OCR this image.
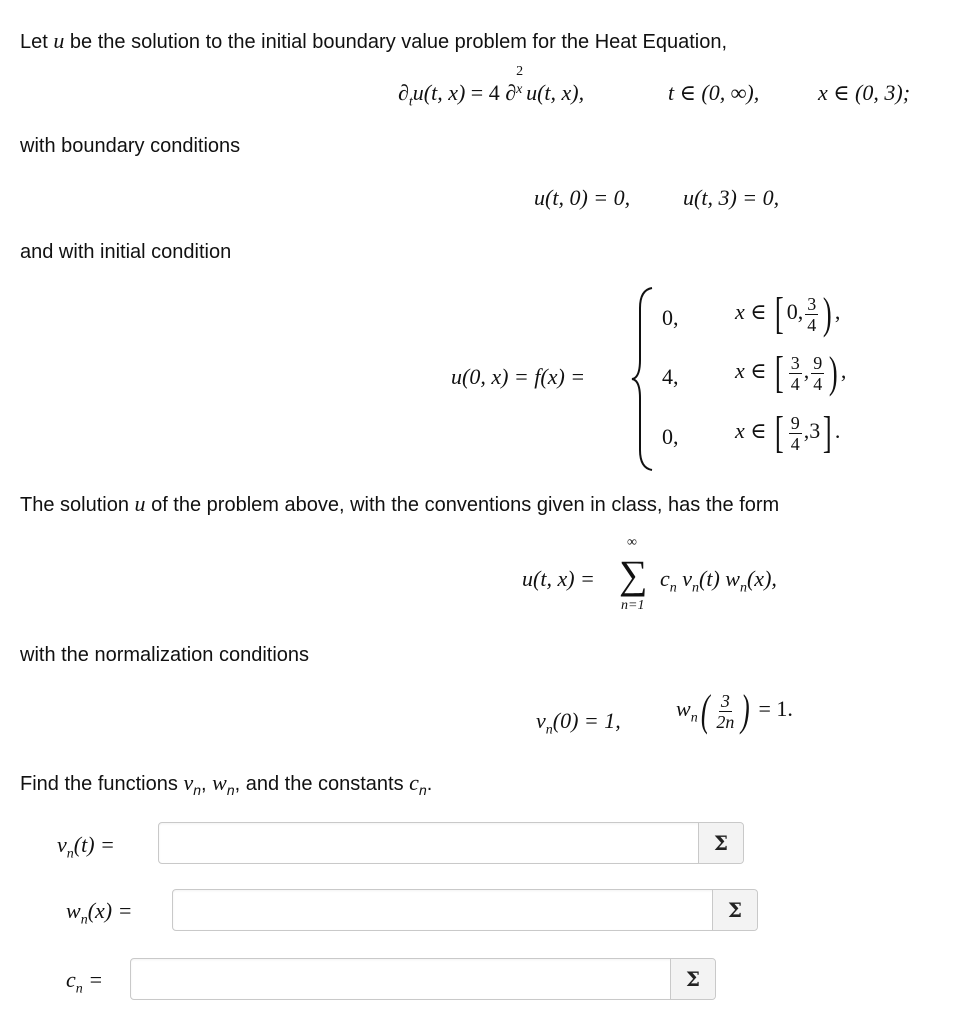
Let u be the solution to the initial boundary value problem for the Heat Equation,
$\partial_tu(t$, x) = 4 ∂
2
x u(t, x),	t ∈ (0, ∞),	x ∈ (0, 3);
with boundary conditions
u(t, 0) = 0, u(t, 3) = 0,
and with initial condition
u(0, x) = f(x) =
0,	x ∈ [ 0, $\frac{3}{4}$ ) ,
4,	x ∈ [ $\frac{3}{4}$ , $\frac{9}{4}$ ) ,
0,	x ∈ [ $\frac{9}{4} ,3$] .
The solution u of the problem above, with the conventions given in class, has the form
u(t, x) =
∞
∑
n=1
$c_n$ $v_n(t)$ $w_n(x)$,
with the normalization conditions
$v_n(0) = 1$,	$w_n( \frac{3}{2n}$ ) = 1.
Find the functions $v_n$, $w_n$, and the constants $c_n$.
$v_n(t)$ =	Σ
$w_n(x)$ =	Σ
$c_n$ =	Σ
